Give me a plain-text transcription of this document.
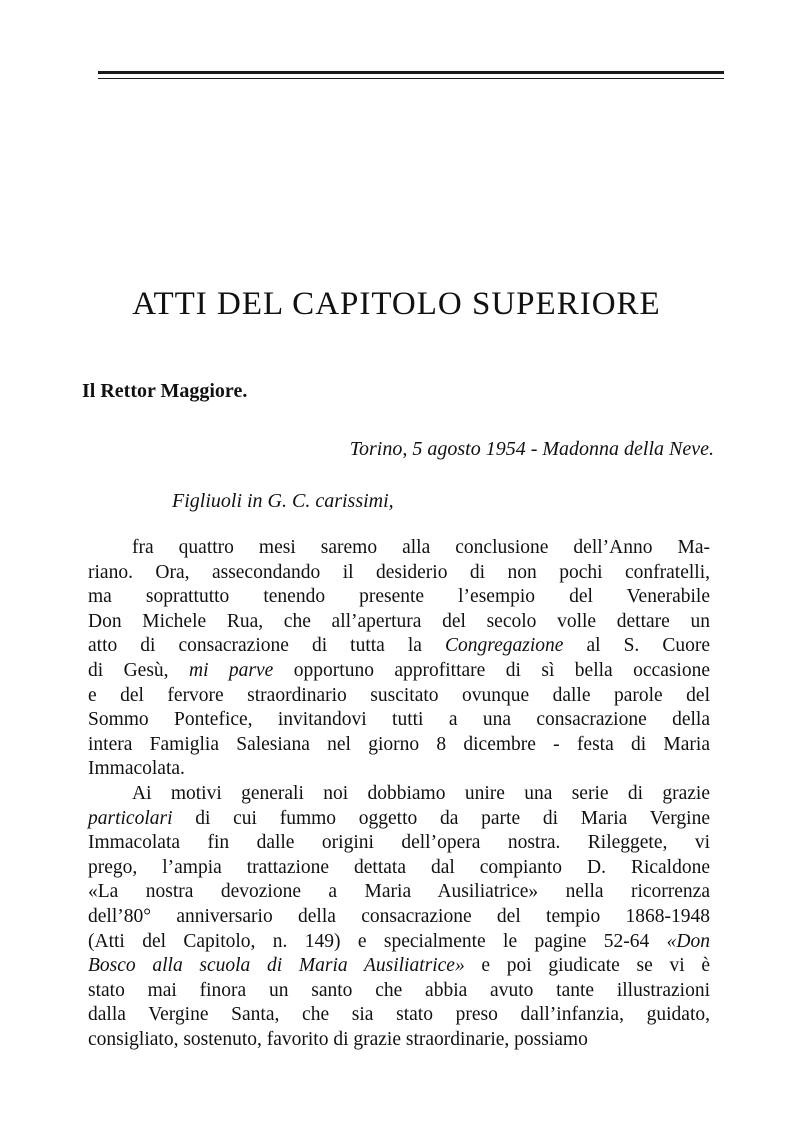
ATTI DEL CAPITOLO SUPERIORE
Il Rettor Maggiore.
Torino, 5 agosto 1954 - Madonna della Neve.
Figliuoli in G. C. carissimi,
fra quattro mesi saremo alla conclusione dell’Anno Ma-
riano. Ora, assecondando il desiderio di non pochi confratelli,
ma soprattutto tenendo presente l’esempio del Venerabile
Don Michele Rua, che all’apertura del secolo volle dettare un
atto di consacrazione di tutta la Congregazione al S. Cuore
di Gesù, mi parve opportuno approfittare di sì bella occasione
e del fervore straordinario suscitato ovunque dalle parole del
Sommo Pontefice, invitandovi tutti a una consacrazione della
intera Famiglia Salesiana nel giorno 8 dicembre - festa di Maria
Immacolata.
Ai motivi generali noi dobbiamo unire una serie di grazie
particolari di cui fummo oggetto da parte di Maria Vergine
Immacolata fin dalle origini dell’opera nostra. Rileggete, vi
prego, l’ampia trattazione dettata dal compianto D. Ricaldone
«La nostra devozione a Maria Ausiliatrice» nella ricorrenza
dell’80° anniversario della consacrazione del tempio 1868-1948
(Atti del Capitolo, n. 149) e specialmente le pagine 52-64 «Don
Bosco alla scuola di Maria Ausiliatrice» e poi giudicate se vi è
stato mai finora un santo che abbia avuto tante illustrazioni
dalla Vergine Santa, che sia stato preso dall’infanzia, guidato,
consigliato, sostenuto, favorito di grazie straordinarie, possiamo
